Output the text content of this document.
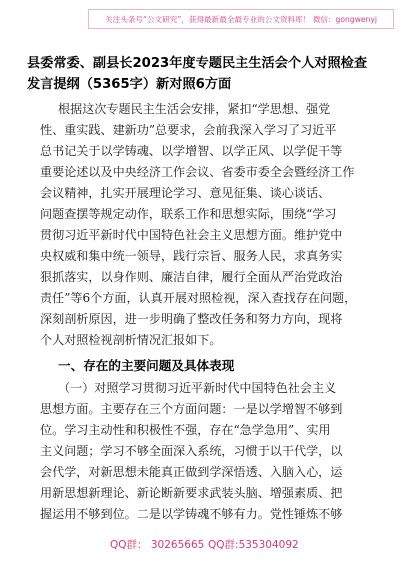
关注头条号“公文研究”，获得最新最全最专业的公文资料库！ 微信：gongwenyj
县委常委、副县长2023年度专题民主生活会个人对照检查
发言提纲（5365字）新对照6方面
根据这次专题民主生活会安排，紧扣“学思想、强党
性、重实践、建新功”总要求，会前我深入学习了习近平
总书记关于以学铸魂、以学增智、以学正风、以学促干等
重要论述以及中央经济工作会议、省委市委全会暨经济工作
会议精神，扎实开展理论学习、意见征集、谈心谈话、
问题查摆等规定动作，联系工作和思想实际，围绕“学习
贯彻习近平新时代中国特色社会主义思想方面。维护党中
央权威和集中统一领导，践行宗旨、服务人民，求真务实
狠抓落实，以身作则、廉洁自律，履行全面从严治党政治
责任”等6个方面，认真开展对照检视，深入查找存在问题，
深刻剖析原因，进一步明确了整改任务和努力方向，现将
个人对照检视剖析情况汇报如下。
一、存在的主要问题及具体表现
（一）对照学习贯彻习近平新时代中国特色社会主义
思想方面。主要存在三个方面问题：一是以学增智不够到
位。学习主动性和积极性不强，存在“急学急用”、实用
主义问题；学习不够全面深入系统，习惯于以干代学，以
会代学，对新思想未能真正做到学深悟透、入脑入心，运
用新思想新理论、新论断新要求武装头脑、增强素质、把
握运用不够到位。二是以学铸魂不够有力。党性锤炼不够
QQ群： 30265665 QQ群:535304092
